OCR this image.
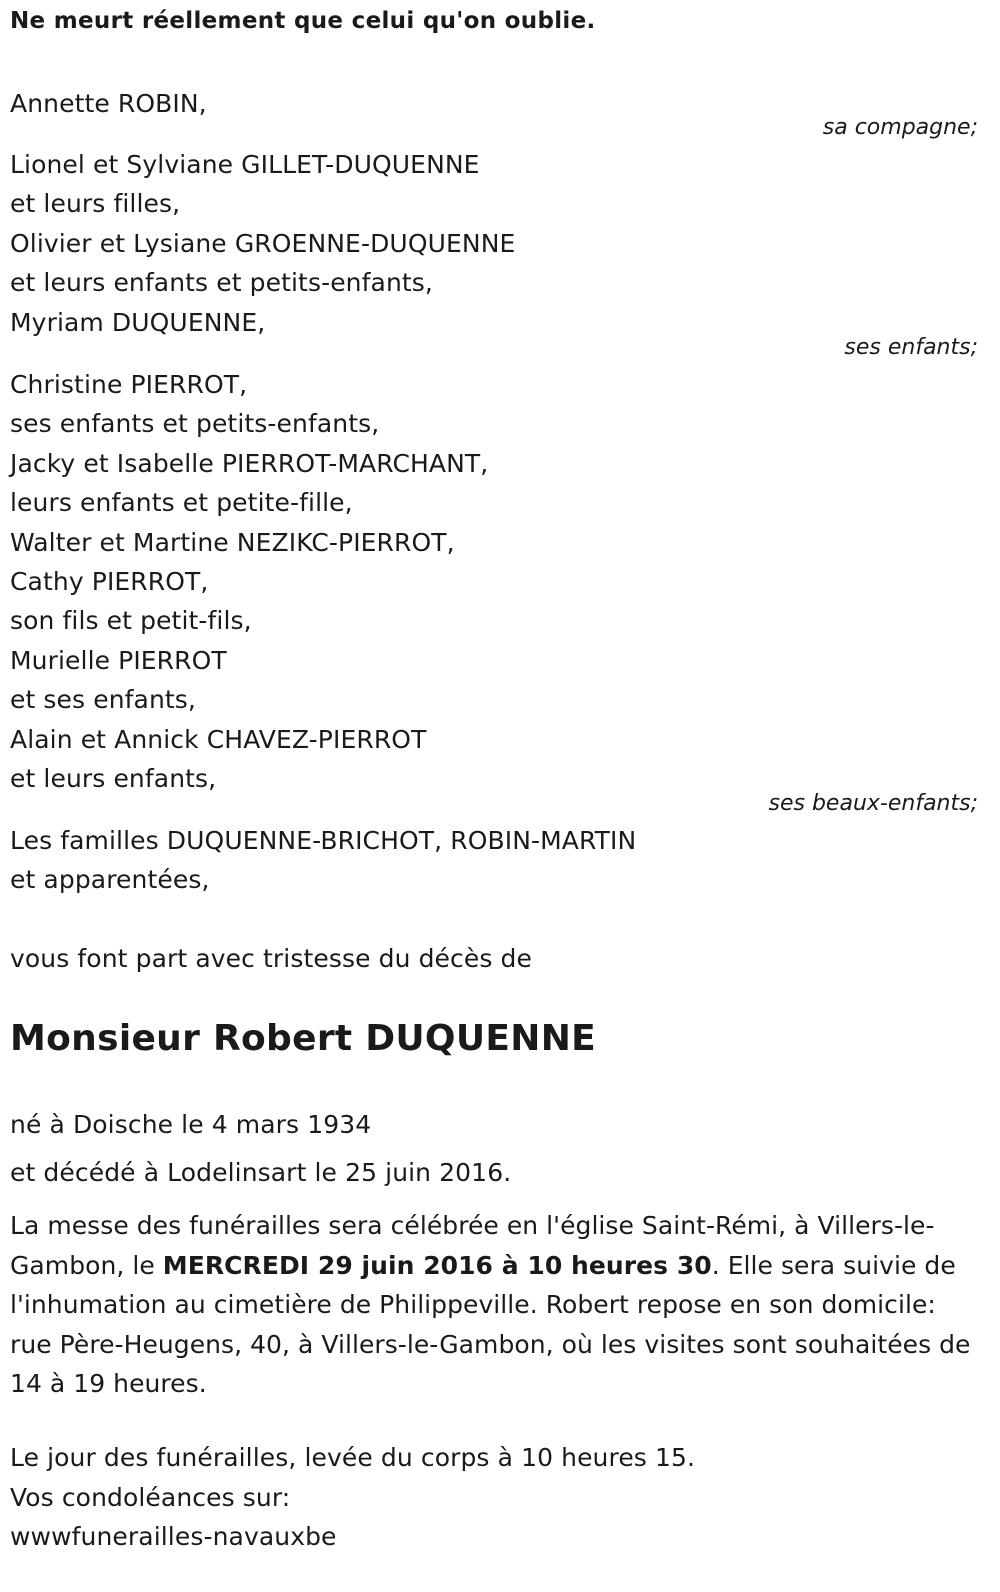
Ne meurt réellement que celui qu'on oublie.
Annette ROBIN,
sa compagne;
Lionel et Sylviane GILLET-DUQUENNE
et leurs filles,
Olivier et Lysiane GROENNE-DUQUENNE
et leurs enfants et petits-enfants,
Myriam DUQUENNE,
ses enfants;
Christine PIERROT,
ses enfants et petits-enfants,
Jacky et Isabelle PIERROT-MARCHANT,
leurs enfants et petite-fille,
Walter et Martine NEZIKC-PIERROT,
Cathy PIERROT,
son fils et petit-fils,
Murielle PIERROT
et ses enfants,
Alain et Annick CHAVEZ-PIERROT
et leurs enfants,
ses beaux-enfants;
Les familles DUQUENNE-BRICHOT, ROBIN-MARTIN
et apparentées,
vous font part avec tristesse du décès de
Monsieur Robert DUQUENNE
né à Doische le 4 mars 1934
et décédé à Lodelinsart le 25 juin 2016.
La messe des funérailles sera célébrée en l'église Saint-Rémi, à Villers-le-Gambon, le MERCREDI 29 juin 2016 à 10 heures 30. Elle sera suivie de l'inhumation au cimetière de Philippeville. Robert repose en son domicile: rue Père-Heugens, 40, à Villers-le-Gambon, où les visites sont souhaitées de 14 à 19 heures.
Le jour des funérailles, levée du corps à 10 heures 15.
Vos condoléances sur:
wwwfunerailles-navauxbe
